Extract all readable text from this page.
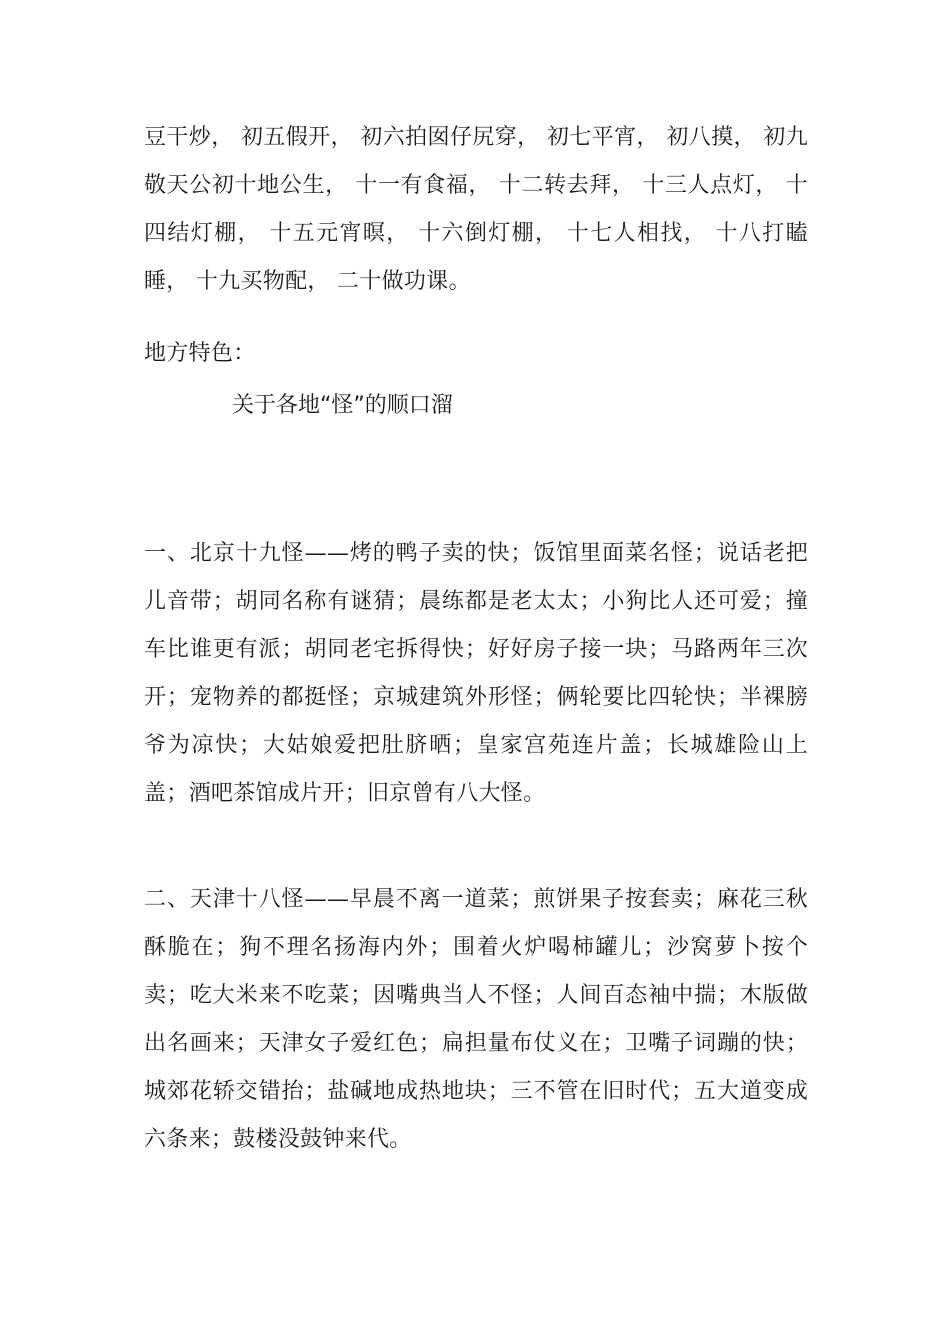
豆干炒， 初五假开， 初六拍囡仔尻穿， 初七平宵， 初八摸， 初九敬天公初十地公生， 十一有食福， 十二转去拜， 十三人点灯， 十四结灯棚， 十五元宵暝， 十六倒灯棚， 十七人相找， 十八打瞌睡， 十九买物配， 二十做功课。

地方特色：

关于各地“怪”的顺口溜

一、北京十九怪——烤的鸭子卖的快；饭馆里面菜名怪；说话老把儿音带；胡同名称有谜猜；晨练都是老太太；小狗比人还可爱；撞车比谁更有派；胡同老宅拆得快；好好房子接一块；马路两年三次开；宠物养的都挺怪；京城建筑外形怪；俩轮要比四轮快；半裸膀爷为凉快；大姑娘爱把肚脐晒；皇家宫苑连片盖；长城雄险山上盖；酒吧茶馆成片开；旧京曾有八大怪。

二、天津十八怪——早晨不离一道菜；煎饼果子按套卖；麻花三秋酥脆在；狗不理名扬海内外；围着火炉喝柿罐儿；沙窝萝卜按个卖；吃大米来不吃菜；因嘴典当人不怪；人间百态袖中揣；木版做出名画来；天津女子爱红色；扁担量布仗义在；卫嘴子词蹦的快；城郊花轿交错抬；盐碱地成热地块；三不管在旧时代；五大道变成六条来；鼓楼没鼓钟来代。
